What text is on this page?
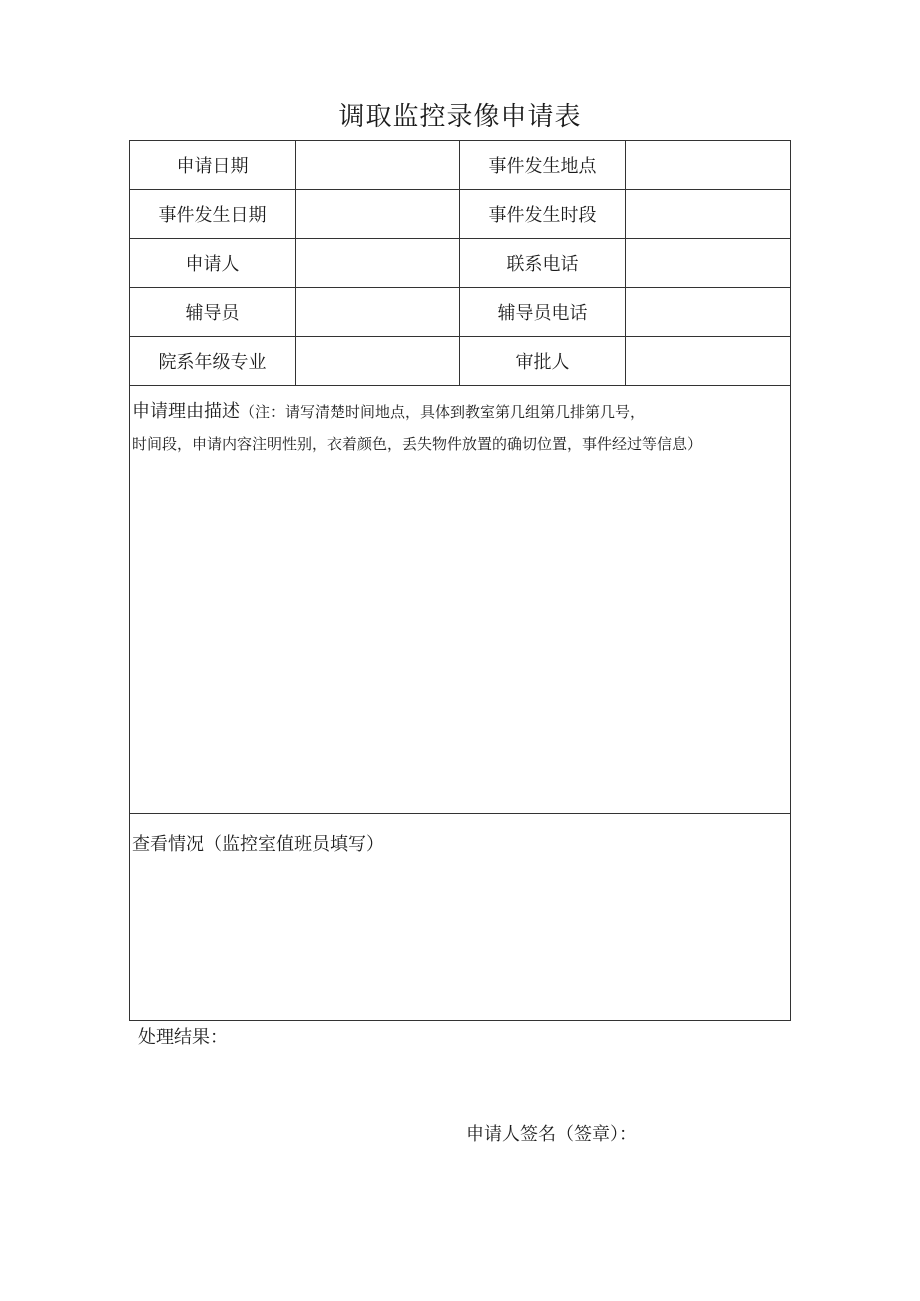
调取监控录像申请表
申请日期		事件发生地点	
事件发生日期		事件发生时段	
申请人		联系电话	
辅导员		辅导员电话	
院系年级专业		审批人	
申请理由描述（注：请写清楚时间地点，具体到教室第几组第几排第几号，
时间段，申请内容注明性别，衣着颜色，丢失物件放置的确切位置，事件经过等信息）			

查看情况（监控室值班员填写）			
处理结果：
申请人签名（签章）：
